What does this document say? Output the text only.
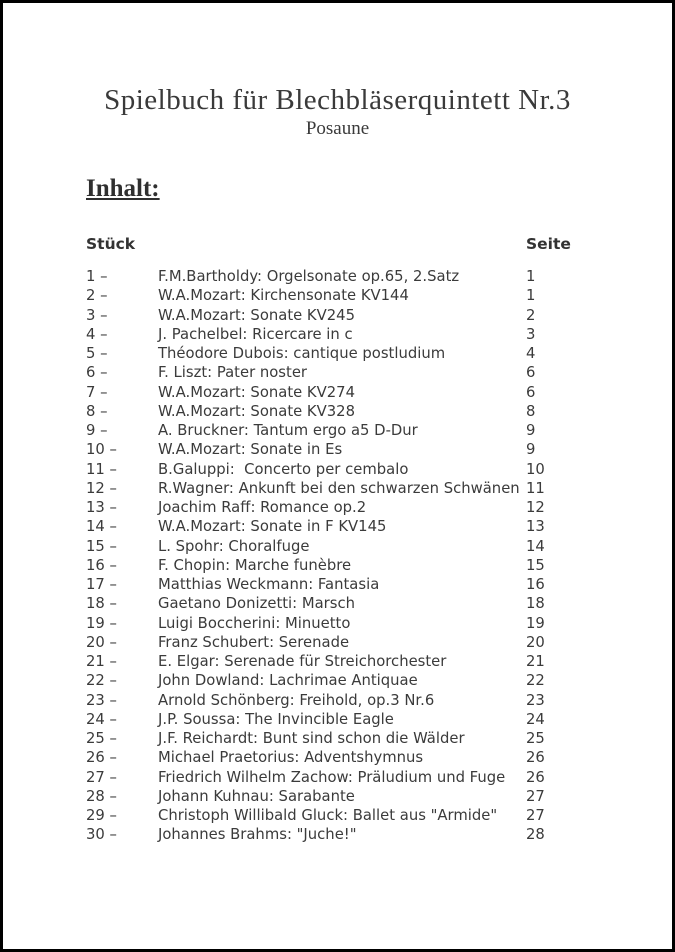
Spielbuch für Blechbläserquintett Nr.3
Posaune
Inhalt:
Stück	Seite
1 –	F.M.Bartholdy: Orgelsonate op.65, 2.Satz	1
2 –	W.A.Mozart: Kirchensonate KV144	1
3 –	W.A.Mozart: Sonate KV245	2
4 –	J. Pachelbel: Ricercare in c	3
5 –	Théodore Dubois: cantique postludium	4
6 –	F. Liszt: Pater noster	6
7 –	W.A.Mozart: Sonate KV274	6
8 –	W.A.Mozart: Sonate KV328	8
9 –	A. Bruckner: Tantum ergo a5 D-Dur	9
10 –	W.A.Mozart: Sonate in Es	9
11 –	B.Galuppi:  Concerto per cembalo	10
12 –	R.Wagner: Ankunft bei den schwarzen Schwänen 11
13 –	Joachim Raff: Romance op.2	12
14 –	W.A.Mozart: Sonate in F KV145	13
15 –	L. Spohr: Choralfuge	14
16 –	F. Chopin: Marche funèbre	15
17 –	Matthias Weckmann: Fantasia	16
18 –	Gaetano Donizetti: Marsch	18
19 –	Luigi Boccherini: Minuetto	19
20 –	Franz Schubert: Serenade	20
21 –	E. Elgar: Serenade für Streichorchester	21
22 –	John Dowland: Lachrimae Antiquae	22
23 –	Arnold Schönberg: Freihold, op.3 Nr.6	23
24 –	J.P. Soussa: The Invincible Eagle	24
25 –	J.F. Reichardt: Bunt sind schon die Wälder	25
26 –	Michael Praetorius: Adventshymnus	26
27 –	Friedrich Wilhelm Zachow: Präludium und Fuge	26
28 –	Johann Kuhnau: Sarabante	27
29 –	Christoph Willibald Gluck: Ballet aus "Armide"	27
30 –	Johannes Brahms: "Juche!"	28
